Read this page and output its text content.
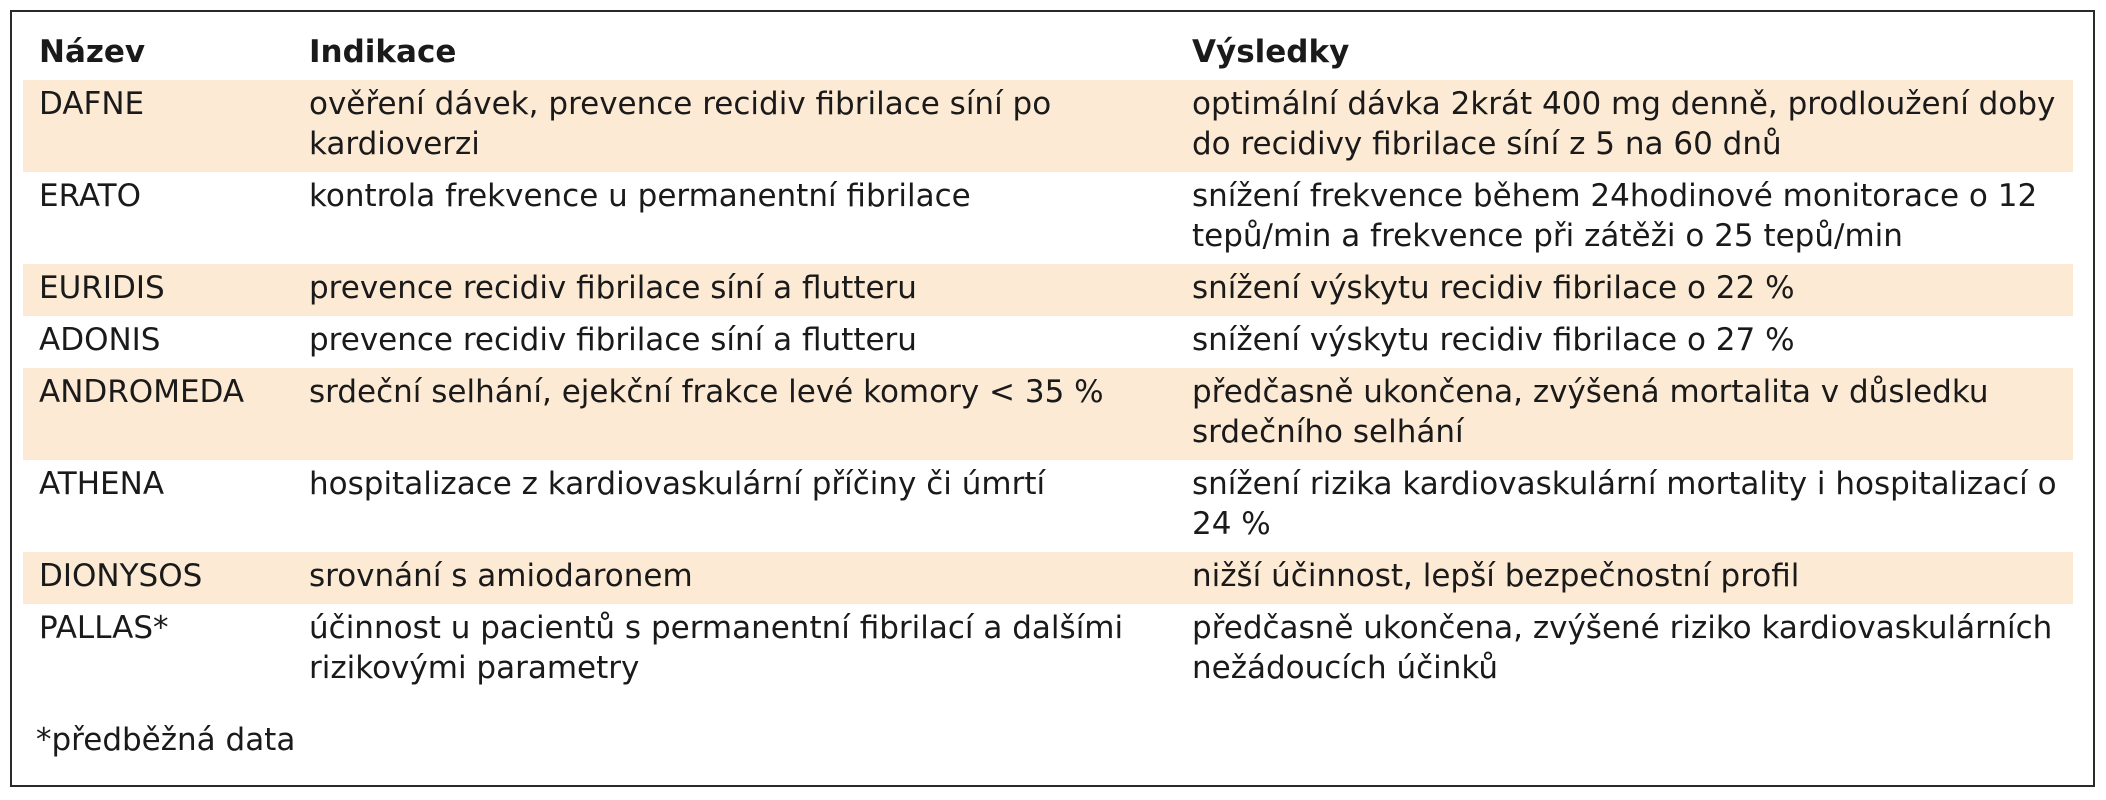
Název	Indikace	Výsledky
DAFNE	ověření dávek, prevence recidiv fibrilace síní po kardioverzi	optimální dávka 2krát 400 mg denně, prodloužení doby do recidivy fibrilace síní z 5 na 60 dnů
ERATO	kontrola frekvence u permanentní fibrilace	snížení frekvence během 24hodinové monitorace o 12 tepů/min a frekvence při zátěži o 25 tepů/min
EURIDIS	prevence recidiv fibrilace síní a flutteru	snížení výskytu recidiv fibrilace o 22 %
ADONIS	prevence recidiv fibrilace síní a flutteru	snížení výskytu recidiv fibrilace o 27 %
ANDROMEDA	srdeční selhání, ejekční frakce levé komory < 35 %	předčasně ukončena, zvýšená mortalita v důsledku srdečního selhání
ATHENA	hospitalizace z kardiovaskulární příčiny či úmrtí	snížení rizika kardiovaskulární mortality i hospitalizací o 24 %
DIONYSOS	srovnání s amiodaronem	nižší účinnost, lepší bezpečnostní profil
PALLAS*	účinnost u pacientů s permanentní fibrilací a dalšími rizikovými parametry	předčasně ukončena, zvýšené riziko kardiovaskulárních nežádoucích účinků
*předběžná data
